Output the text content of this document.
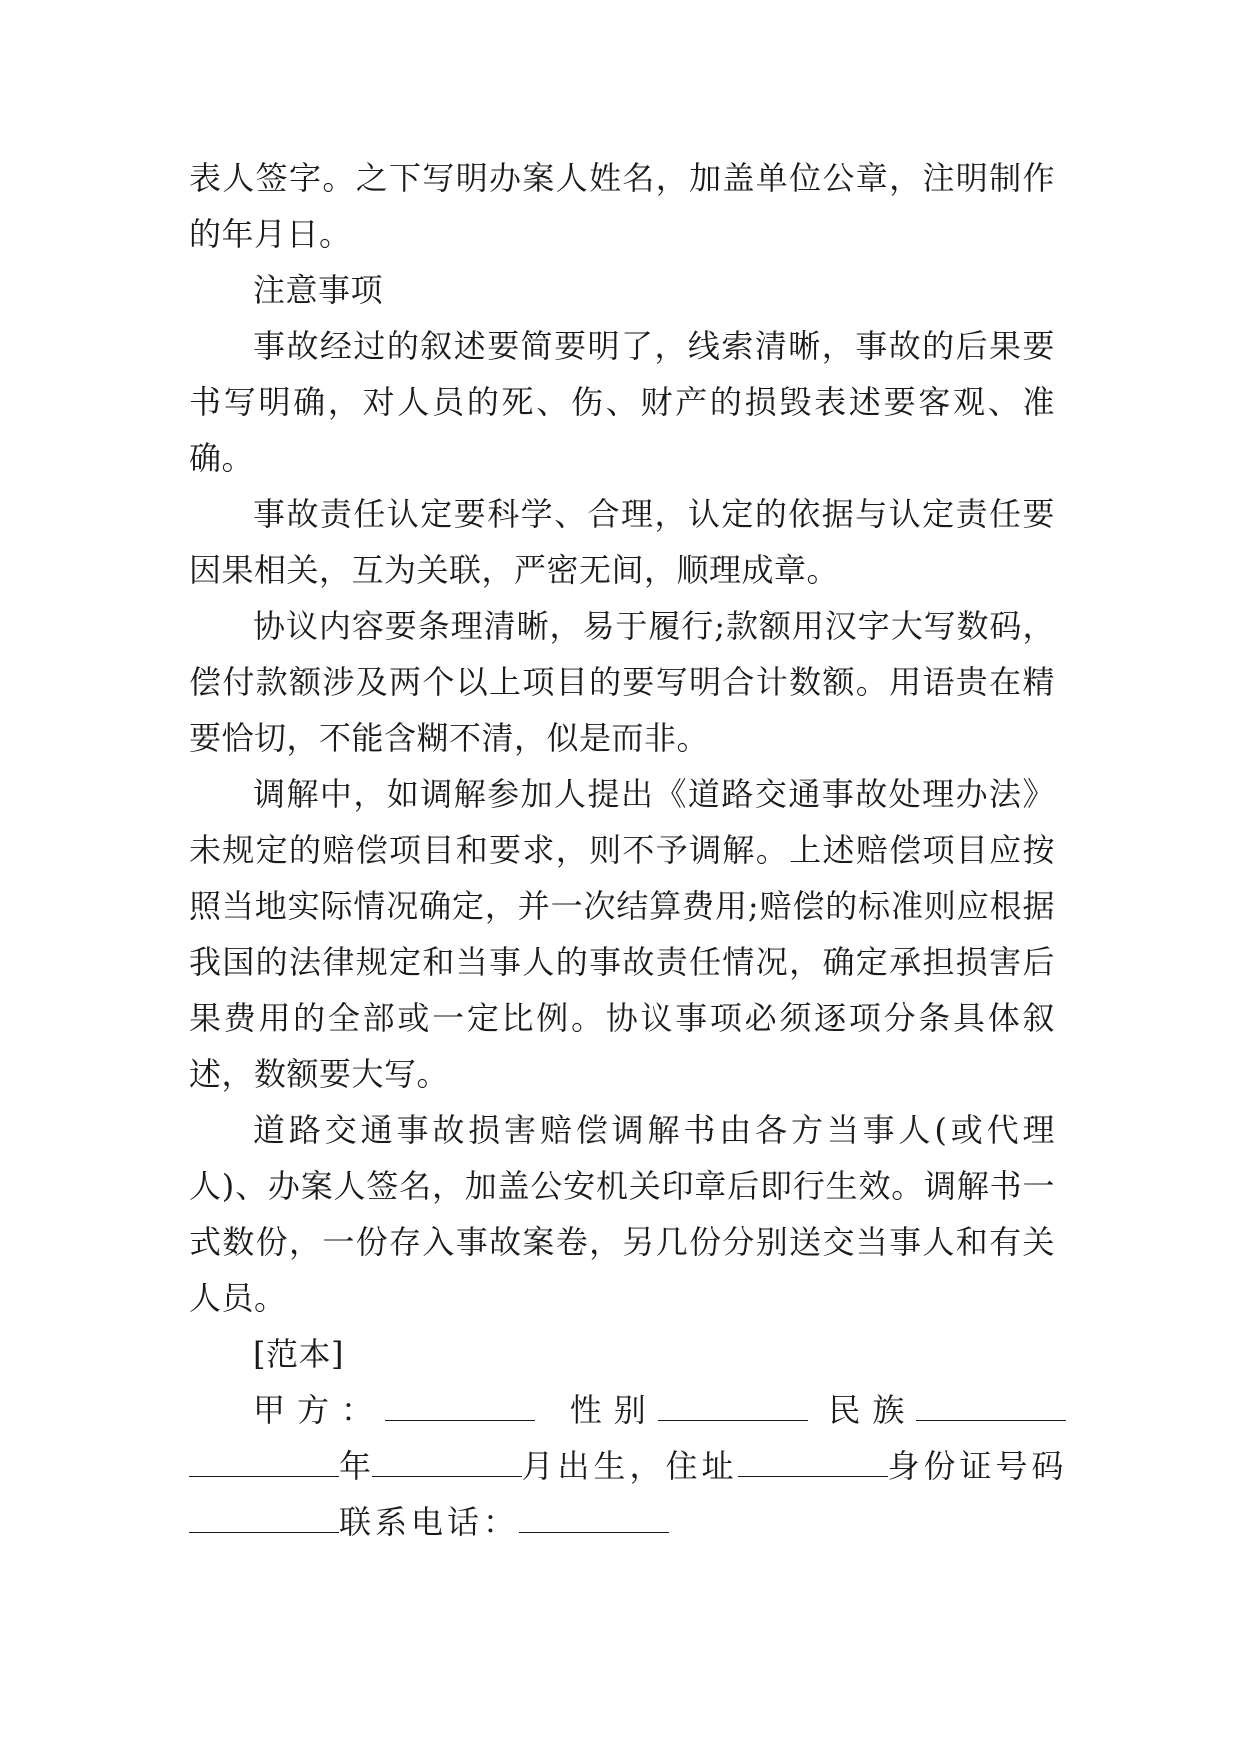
表人签字。之下写明办案人姓名，加盖单位公章，注明制作的年月日。

注意事项

事故经过的叙述要简要明了，线索清晰，事故的后果要书写明确，对人员的死、伤、财产的损毁表述要客观、准确。

事故责任认定要科学、合理，认定的依据与认定责任要因果相关，互为关联，严密无间，顺理成章。

协议内容要条理清晰，易于履行;款额用汉字大写数码，偿付款额涉及两个以上项目的要写明合计数额。用语贵在精要恰切，不能含糊不清，似是而非。

调解中，如调解参加人提出《道路交通事故处理办法》未规定的赔偿项目和要求，则不予调解。上述赔偿项目应按照当地实际情况确定，并一次结算费用;赔偿的标准则应根据我国的法律规定和当事人的事故责任情况，确定承担损害后果费用的全部或一定比例。协议事项必须逐项分条具体叙述，数额要大写。

道路交通事故损害赔偿调解书由各方当事人(或代理人)、办案人签名，加盖公安机关印章后即行生效。调解书一式数份，一份存入事故案卷，另几份分别送交当事人和有关人员。

[范本]

甲方：	性别	民族
年	月出生，住址	身份证号码
联系电话：
